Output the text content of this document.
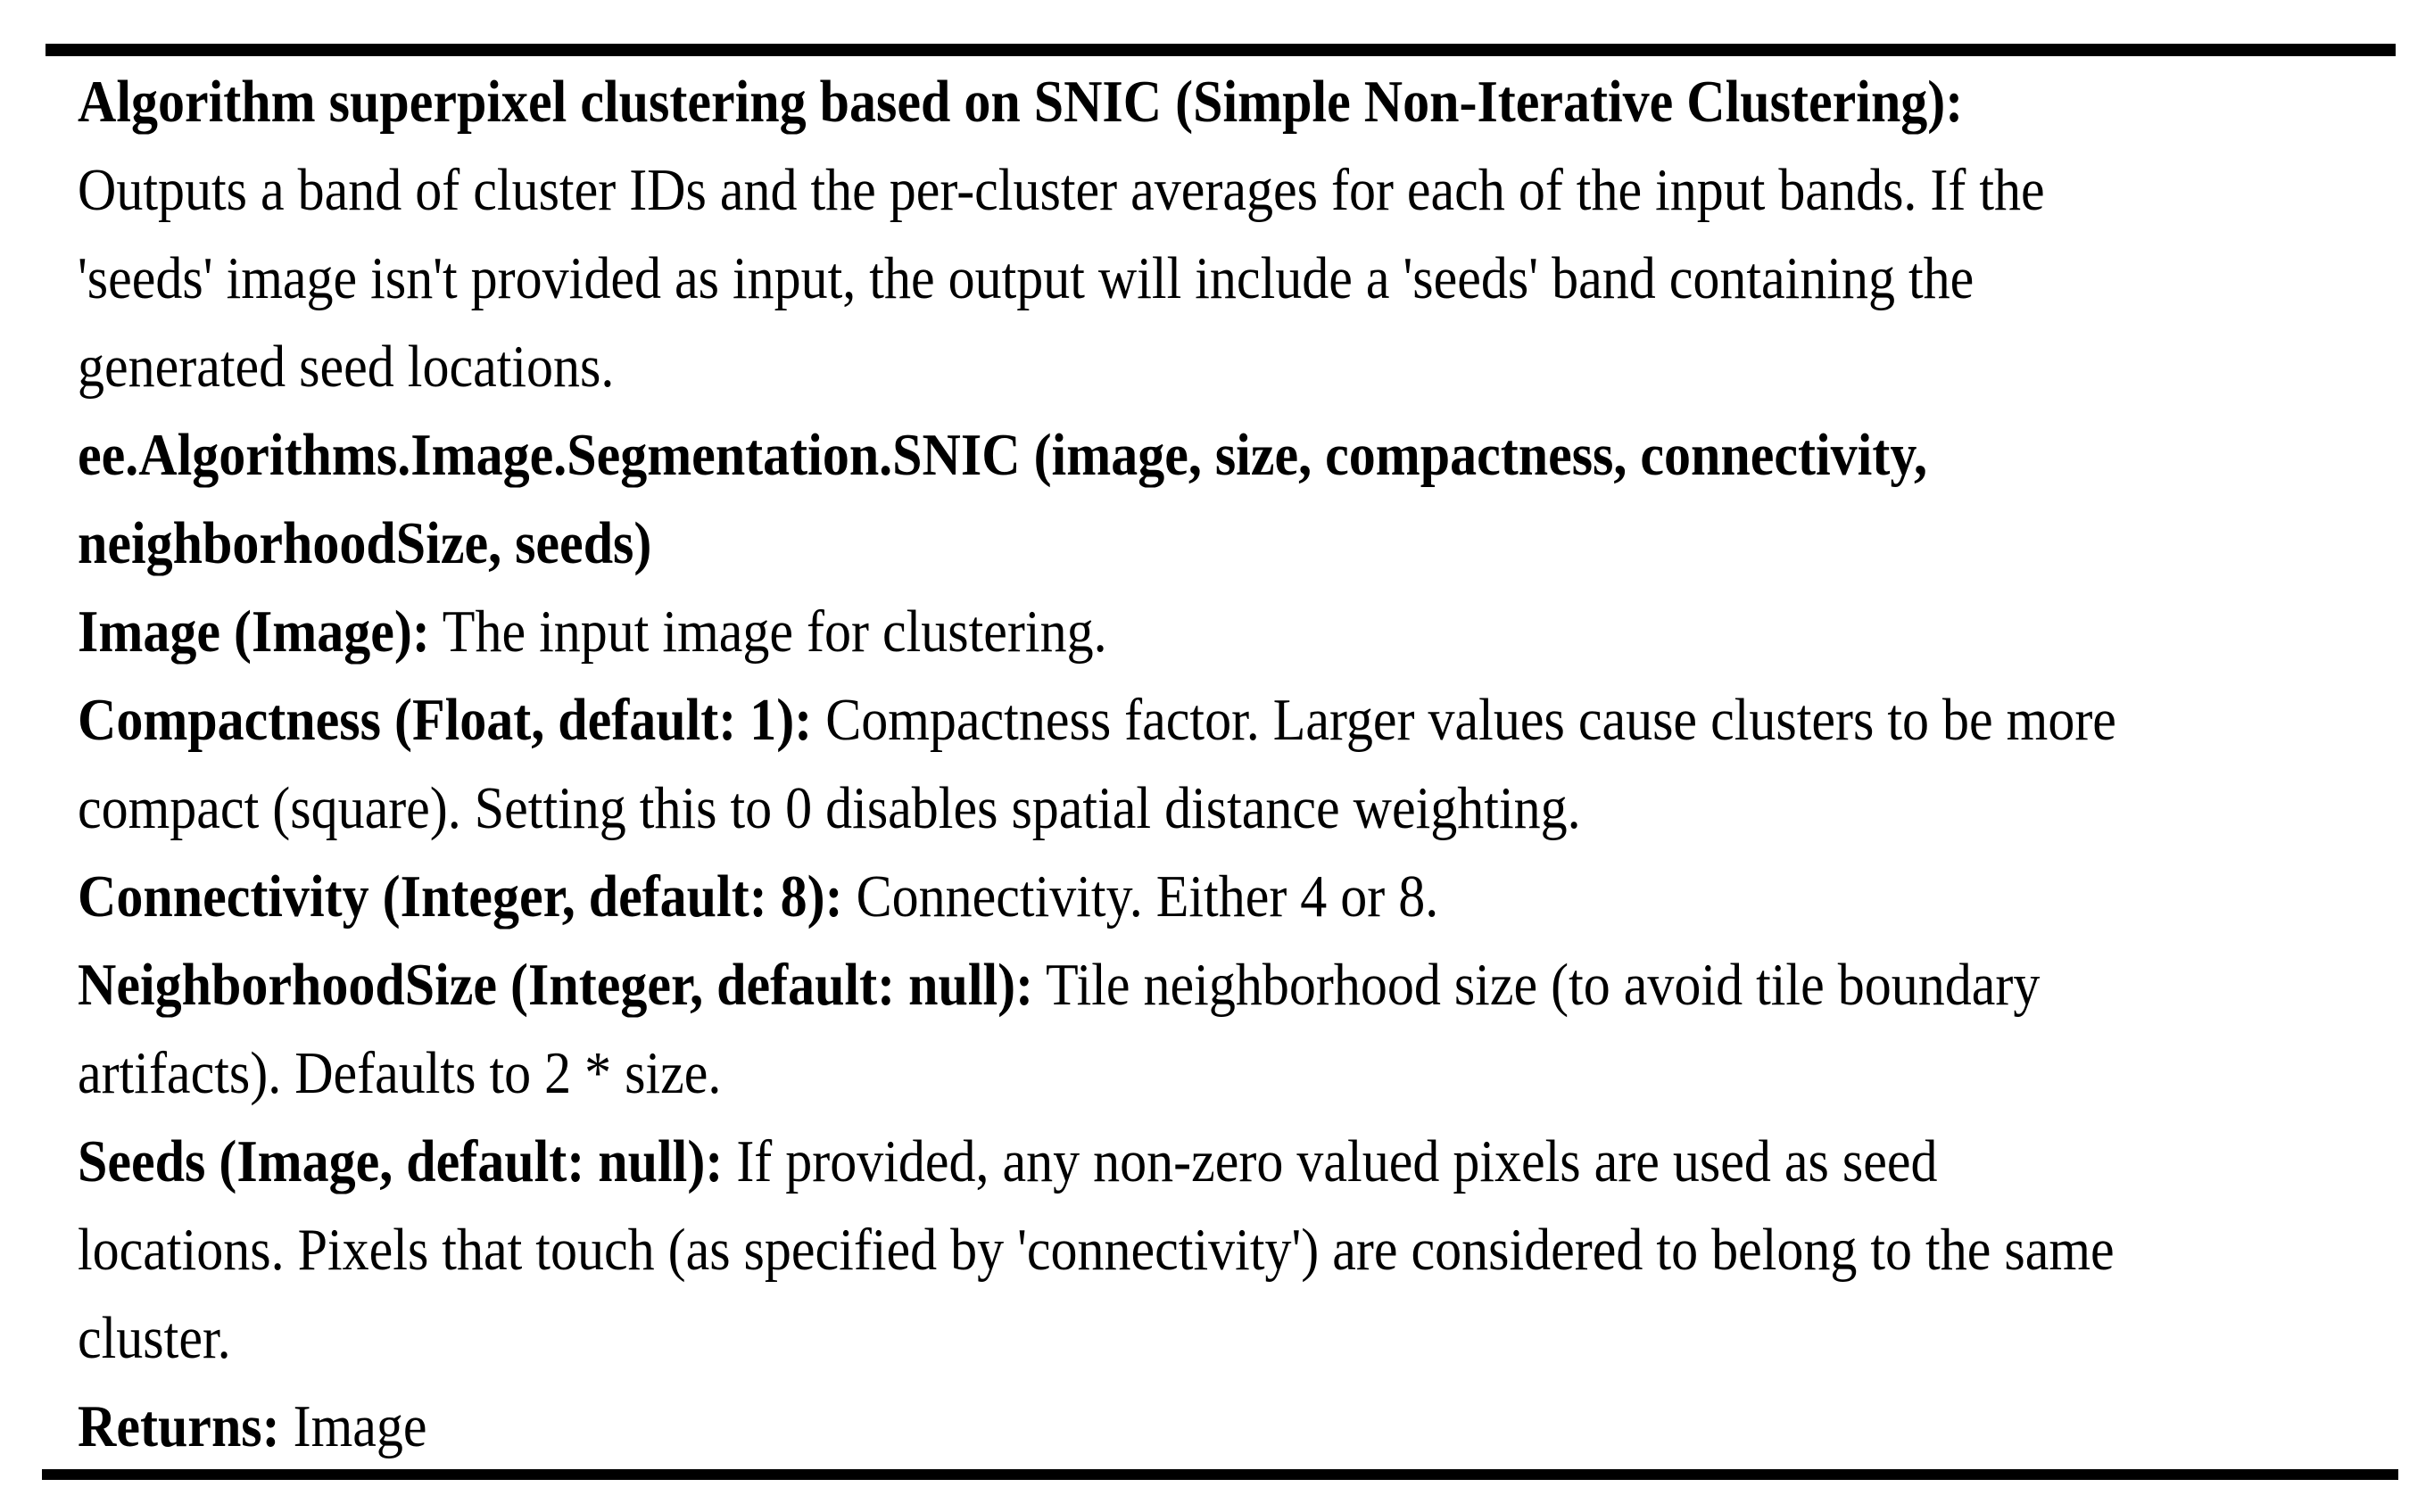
Algorithm superpixel clustering based on SNIC (Simple Non-Iterative Clustering):
Outputs a band of cluster IDs and the per-cluster averages for each of the input bands. If the
'seeds' image isn't provided as input, the output will include a 'seeds' band containing the
generated seed locations.
ee.Algorithms.Image.Segmentation.SNIC (image, size, compactness, connectivity,
neighborhoodSize, seeds)
Image (Image): The input image for clustering.
Compactness (Float, default: 1): Compactness factor. Larger values cause clusters to be more
compact (square). Setting this to 0 disables spatial distance weighting.
Connectivity (Integer, default: 8): Connectivity. Either 4 or 8.
NeighborhoodSize (Integer, default: null): Tile neighborhood size (to avoid tile boundary
artifacts). Defaults to 2 * size.
Seeds (Image, default: null): If provided, any non-zero valued pixels are used as seed
locations. Pixels that touch (as specified by 'connectivity') are considered to belong to the same
cluster.
Returns: Image
